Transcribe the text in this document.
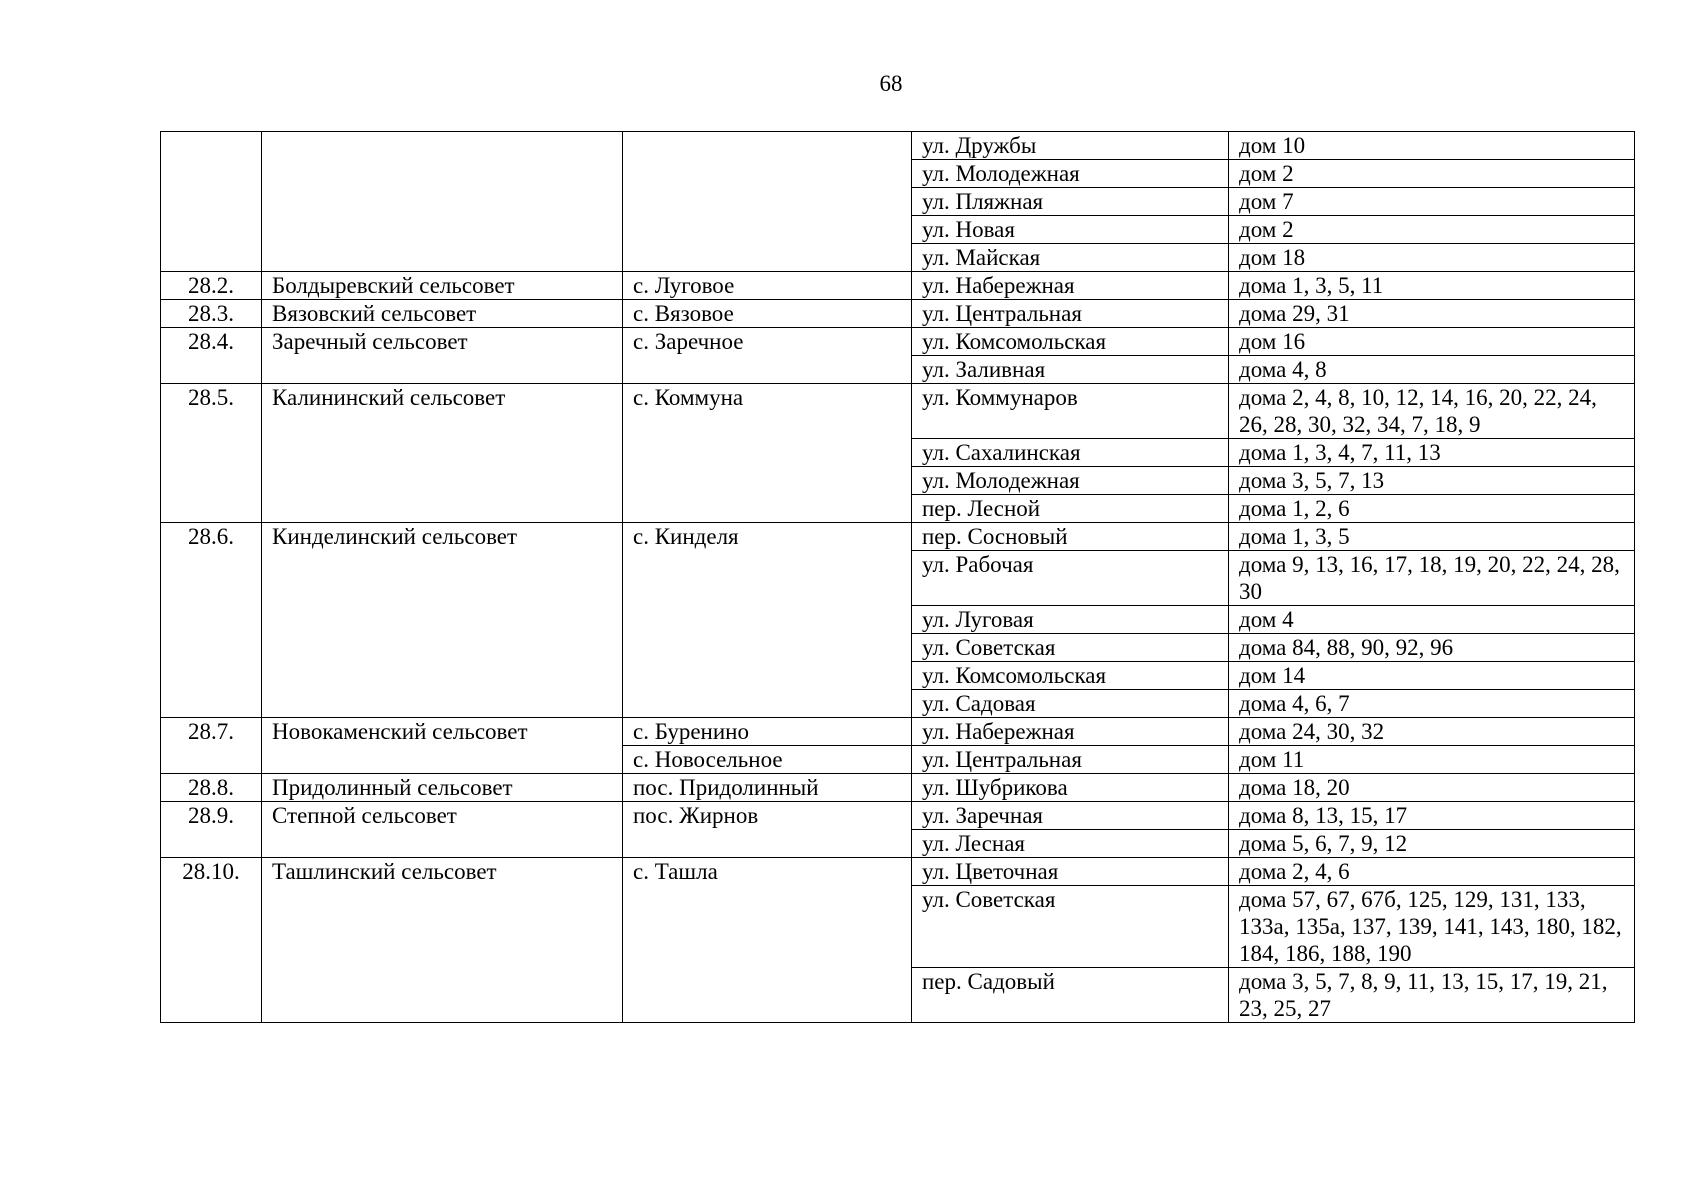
68
			ул. Дружбы	дом 10
			ул. Молодежная	дом 2
			ул. Пляжная	дом 7
			ул. Новая	дом 2
			ул. Майская	дом 18
28.2.	Болдыревский сельсовет	с. Луговое	ул. Набережная	дома 1, 3, 5, 11
28.3.	Вязовский сельсовет	с. Вязовое	ул. Центральная	дома 29, 31
28.4.	Заречный сельсовет	с. Заречное	ул. Комсомольская	дом 16
			ул. Заливная	дома 4, 8
28.5.	Калининский сельсовет	с. Коммуна	ул. Коммунаров	дома 2, 4, 8, 10, 12, 14, 16, 20, 22, 24, 26, 28, 30, 32, 34, 7, 18, 9
			ул. Сахалинская	дома 1, 3, 4, 7, 11, 13
			ул. Молодежная	дома 3, 5, 7, 13
			пер. Лесной	дома 1, 2, 6
28.6.	Кинделинский сельсовет	с. Кинделя	пер. Сосновый	дома 1, 3, 5
			ул. Рабочая	дома 9, 13, 16, 17, 18, 19, 20, 22, 24, 28, 30
			ул. Луговая	дом 4
			ул. Советская	дома 84, 88, 90, 92, 96
			ул. Комсомольская	дом 14
			ул. Садовая	дома 4, 6, 7
28.7.	Новокаменский сельсовет	с. Буренино	ул. Набережная	дома 24, 30, 32
		с. Новосельное	ул. Центральная	дом 11
28.8.	Придолинный сельсовет	пос. Придолинный	ул. Шубрикова	дома 18, 20
28.9.	Степной сельсовет	пос. Жирнов	ул. Заречная	дома 8, 13, 15, 17
			ул. Лесная	дома 5, 6, 7, 9, 12
28.10.	Ташлинский сельсовет	с. Ташла	ул. Цветочная	дома 2, 4, 6
			ул. Советская	дома 57, 67, 67б, 125, 129, 131, 133, 133а, 135а, 137, 139, 141, 143, 180, 182, 184, 186, 188, 190
			пер. Садовый	дома 3, 5, 7, 8, 9, 11, 13, 15, 17, 19, 21, 23, 25, 27
